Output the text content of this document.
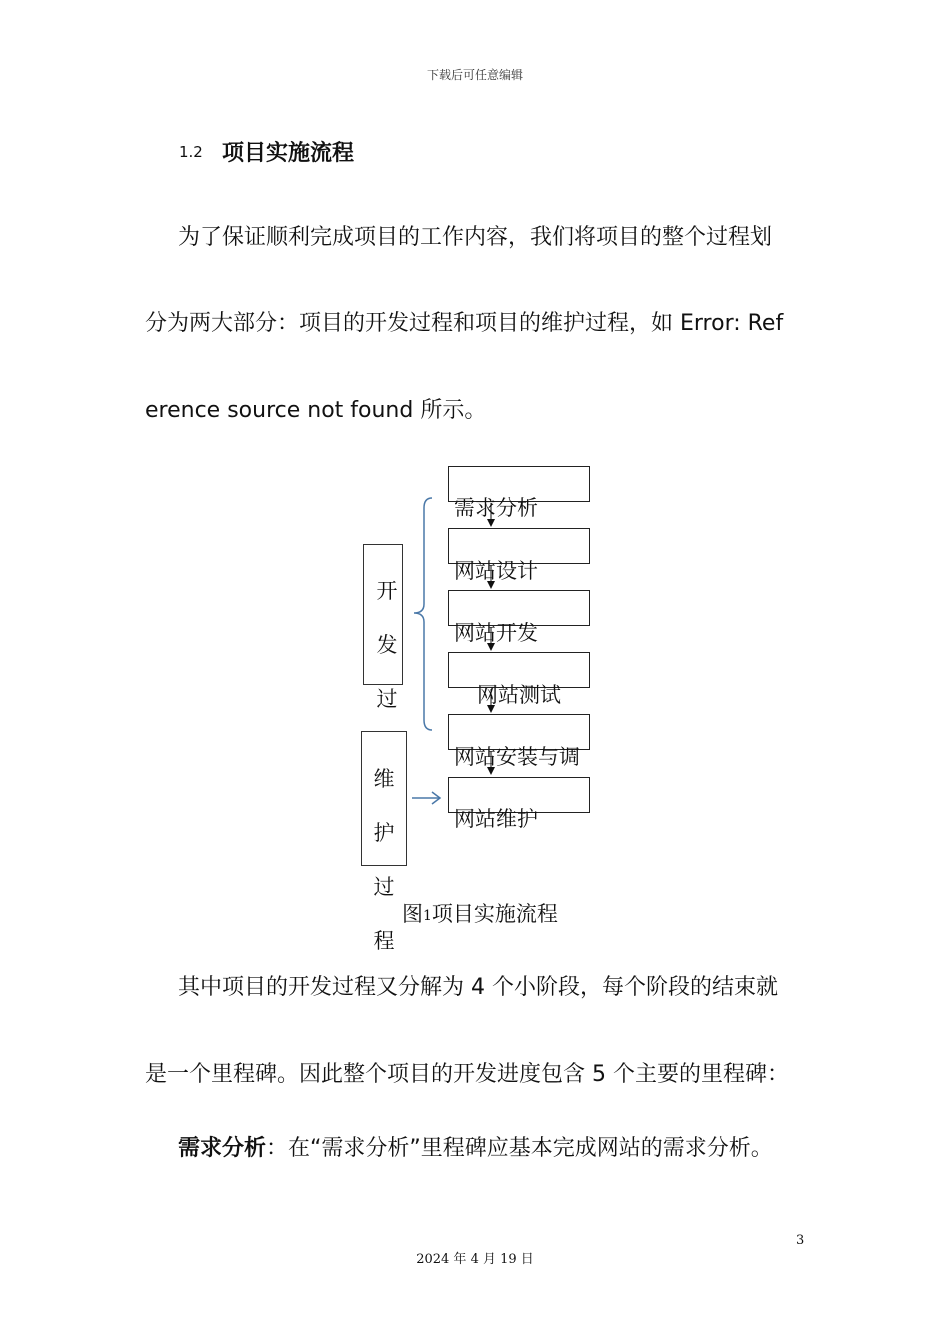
下载后可任意编辑
1.2 项目实施流程
为了保证顺利完成项目的工作内容，我们将项目的整个过程划
分为两大部分：项目的开发过程和项目的维护过程，如 Error: Ref
erence source not found 所示。
需求分析
网站设计
网站开发
网站测试
网站安装与调
网站维护
开
发
过
维
护
过
程
图1项目实施流程
其中项目的开发过程又分解为 4 个小阶段，每个阶段的结束就
是一个里程碑。因此整个项目的开发进度包含 5 个主要的里程碑：
需求分析：在“需求分析”里程碑应基本完成网站的需求分析。
3
2024 年 4 月 19 日
